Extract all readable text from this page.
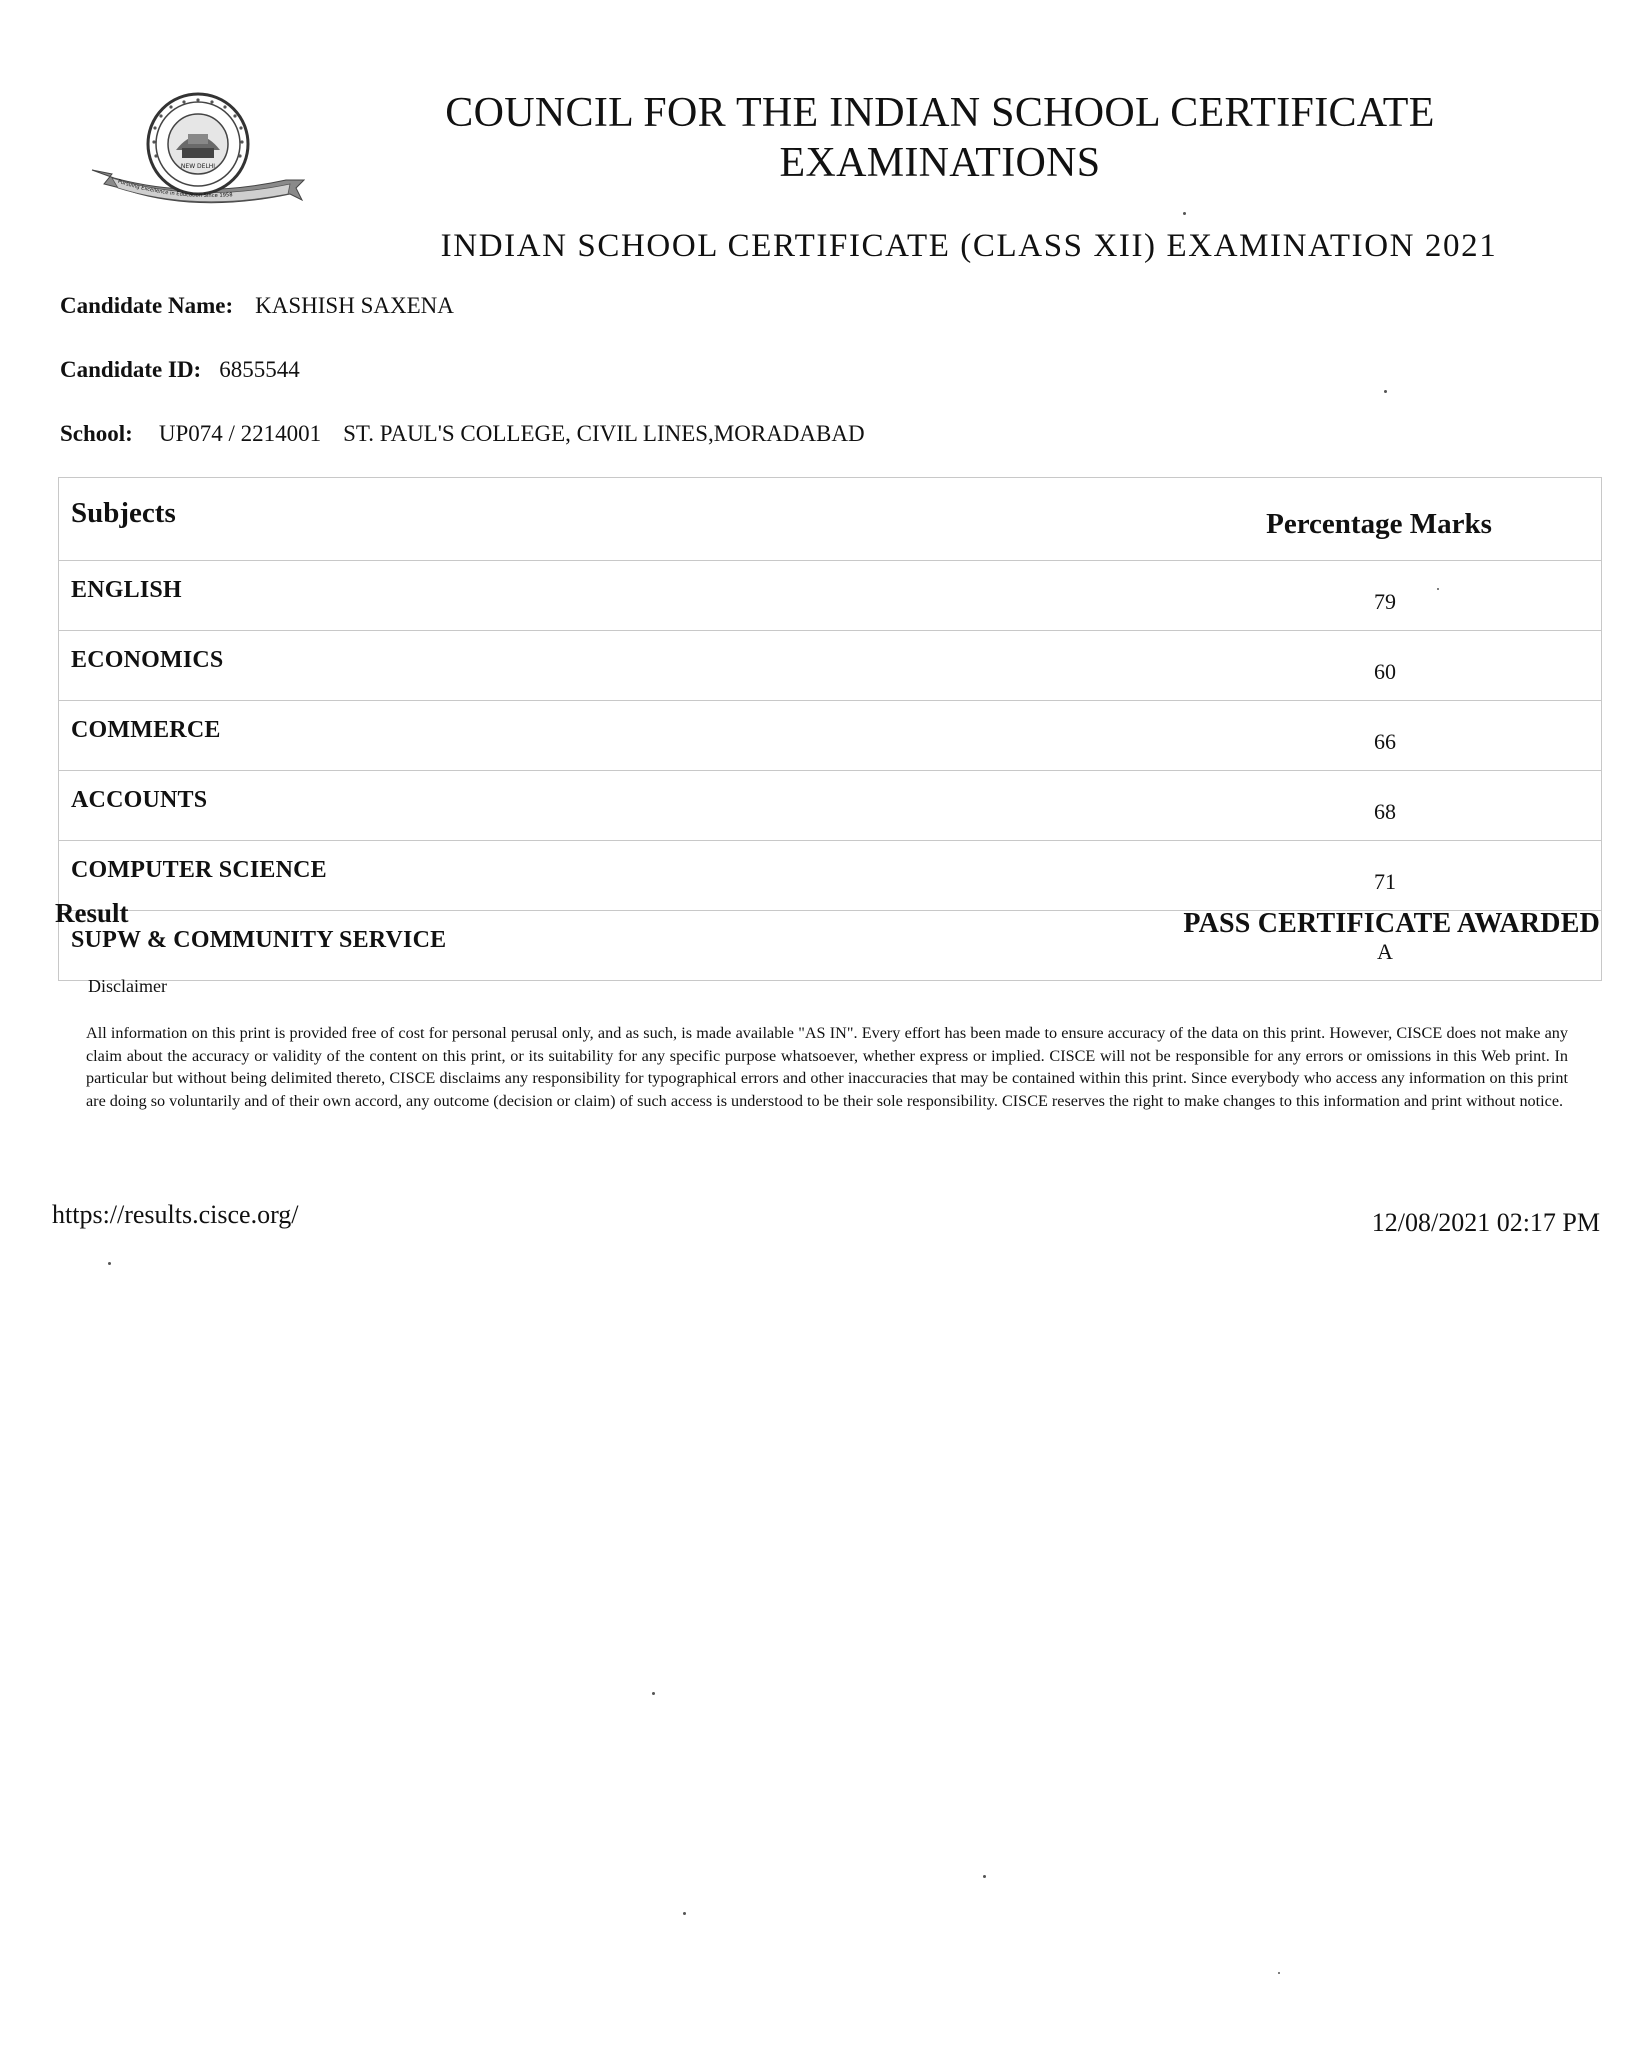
NEW DELHI
Pursuing Excellence in Education Since 1958
COUNCIL FOR THE INDIAN SCHOOL CERTIFICATE
EXAMINATIONS
INDIAN SCHOOL CERTIFICATE (CLASS XII) EXAMINATION 2021
Candidate Name: KASHISH SAXENA
Candidate ID: 6855544
School: UP074 / 2214001 ST. PAUL'S COLLEGE, CIVIL LINES,MORADABAD
Subjects	Percentage Marks
ENGLISH	79
ECONOMICS	60
COMMERCE	66
ACCOUNTS	68
COMPUTER SCIENCE	71
SUPW & COMMUNITY SERVICE	A
Result	PASS CERTIFICATE AWARDED
Disclaimer
All information on this print is provided free of cost for personal perusal only, and as such, is made available "AS IN". Every effort has been made to ensure accuracy of the data on this print. However, CISCE does not make any claim about the accuracy or validity of the content on this print, or its suitability for any specific purpose whatsoever, whether express or implied. CISCE will not be responsible for any errors or omissions in this Web print. In particular but without being delimited thereto, CISCE disclaims any responsibility for typographical errors and other inaccuracies that may be contained within this print. Since everybody who access any information on this print are doing so voluntarily and of their own accord, any outcome (decision or claim) of such access is understood to be their sole responsibility. CISCE reserves the right to make changes to this information and print without notice.
https://results.cisce.org/	12/08/2021 02:17 PM
